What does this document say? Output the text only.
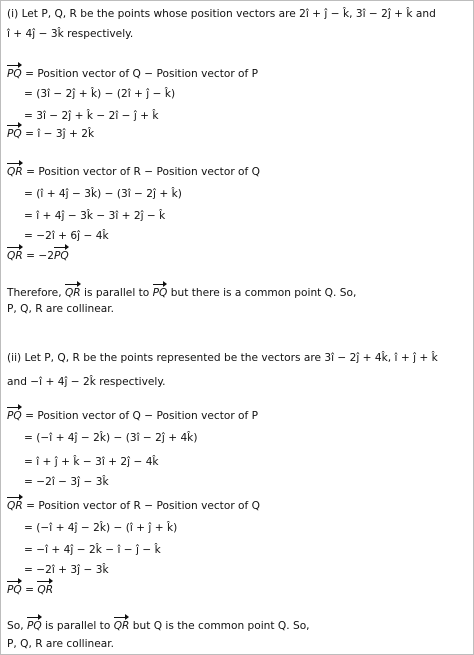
(i) Let P, Q, R be the points whose position vectors are 2î + ĵ − k̂, 3î − 2ĵ + k̂ and
î + 4ĵ − 3k̂ respectively.
PQ = Position vector of Q − Position vector of P
= (3î − 2ĵ + k̂) − (2î + ĵ − k̂)
= 3î − 2ĵ + k̂ − 2î − ĵ + k̂
PQ = î − 3ĵ + 2k̂
QR = Position vector of R − Position vector of Q
= (î + 4ĵ − 3k̂) − (3î − 2ĵ + k̂)
= î + 4ĵ − 3k̂ − 3î + 2ĵ − k̂
= −2î + 6ĵ − 4k̂
QR = −2PQ
Therefore, QR is parallel to PQ but there is a common point Q. So,
P, Q, R are collinear.
(ii) Let P, Q, R be the points represented be the vectors are 3î − 2ĵ + 4k̂, î + ĵ + k̂
and −î + 4ĵ − 2k̂ respectively.
PQ = Position vector of Q − Position vector of P
= (−î + 4ĵ − 2k̂) − (3î − 2ĵ + 4k̂)
= î + ĵ + k̂ − 3î + 2ĵ − 4k̂
= −2î − 3ĵ − 3k̂
QR = Position vector of R − Position vector of Q
= (−î + 4ĵ − 2k̂) − (î + ĵ + k̂)
= −î + 4ĵ − 2k̂ − î − ĵ − k̂
= −2î + 3ĵ − 3k̂
PQ = QR
So, PQ is parallel to QR but Q is the common point Q. So,
P, Q, R are collinear.
